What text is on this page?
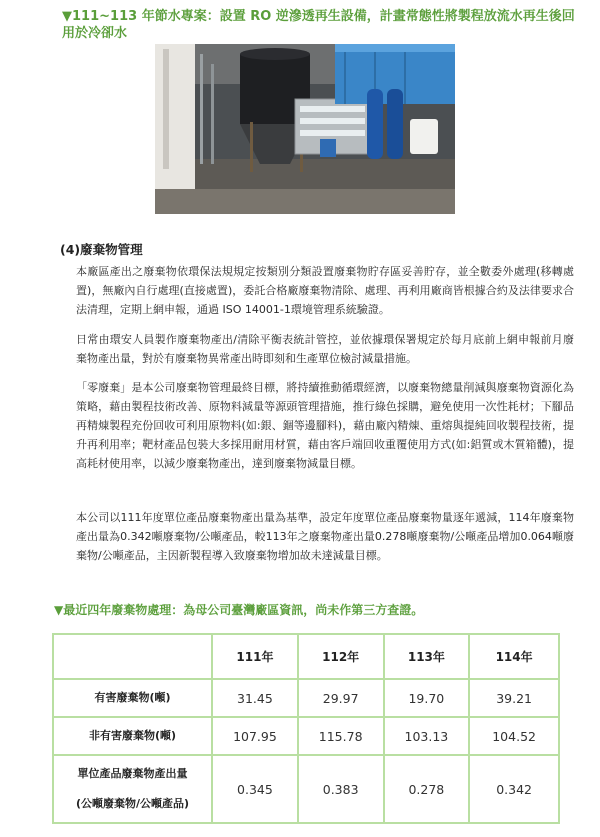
▼111~113 年節水專案：設置 RO 逆滲透再生設備，計畫常態性將製程放流水再生後回用於冷卻水
(4)廢棄物管理

本廠區產出之廢棄物依環保法規規定按類別分類設置廢棄物貯存區妥善貯存，並全數委外處理(移轉處置)，無廠內自行處理(直接處置)，委託合格廠廢棄物清除、處理、再利用廠商皆根據合約及法律要求合法清理，定期上網申報，通過 ISO 14001-1環境管理系統驗證。

日常由環安人員製作廢棄物產出/清除平衡表統計管控，並依據環保署規定於每月底前上網申報前月廢棄物產出量，對於有廢棄物異常產出時即刻和生產單位檢討減量措施。

「零廢棄」是本公司廢棄物管理最終目標，將持續推動循環經濟，以廢棄物總量削減與廢棄物資源化為策略，藉由製程技術改善、原物料減量等源頭管理措施，推行綠色採購，避免使用一次性耗材；下腳品再精煉製程充份回收可利用原物料(如:銀、錮等邊腳料)，藉由廠內精煉、重熔與提純回收製程技術，提升再利用率；靶材產品包裝大多採用耐用材質，藉由客戶端回收重覆使用方式(如:鋁質或木質箱體)，提高耗材使用率，以減少廢棄物產出，達到廢棄物減量目標。

本公司以111年度單位產品廢棄物產出量為基準，設定年度單位產品廢棄物量逐年遞減，114年廢棄物產出量為0.342噸廢棄物/公噸產品，較113年之廢棄物產出量0.278噸廢棄物/公噸產品增加0.064噸廢棄物/公噸產品，主因新製程導入致廢棄物增加故未達減量目標。

▼最近四年廢棄物處理：為母公司臺灣廠區資訊，尚未作第三方查證。
	111年	112年	113年	114年
有害廢棄物(噸)	31.45	29.97	19.70	39.21
非有害廢棄物(噸)	107.95	115.78	103.13	104.52

單位產品廢棄物產出量
(公噸廢棄物/公噸產品)	0.345	0.383	0.278	0.342
